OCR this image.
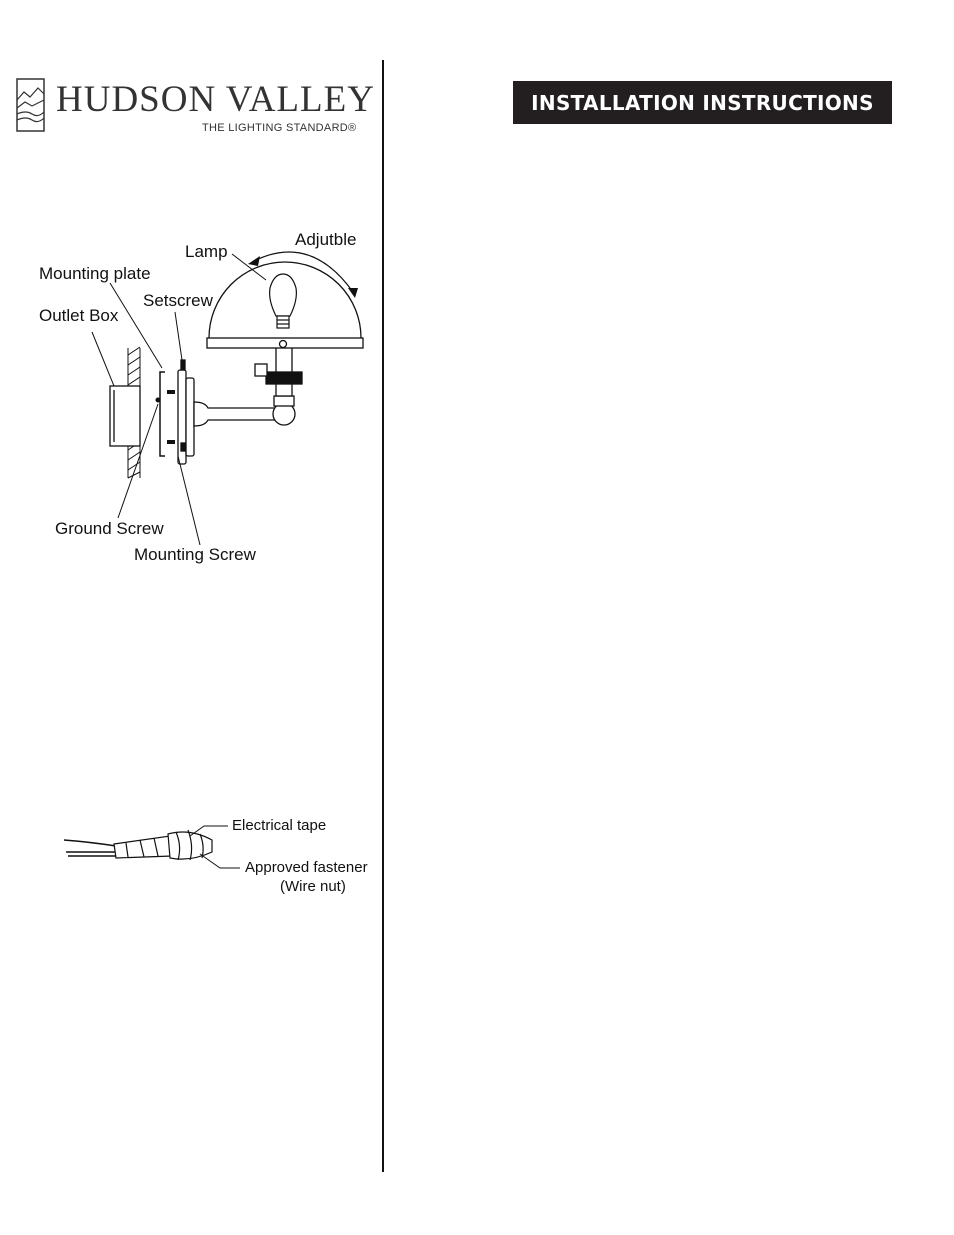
HUDSON VALLEY
THE LIGHTING STANDARD®
INSTALLATION INSTRUCTIONS
Adjutble
Lamp
Mounting plate
Setscrew
Outlet Box
Ground Screw
Mounting Screw
Electrical tape
Approved fastener
(Wire nut)
